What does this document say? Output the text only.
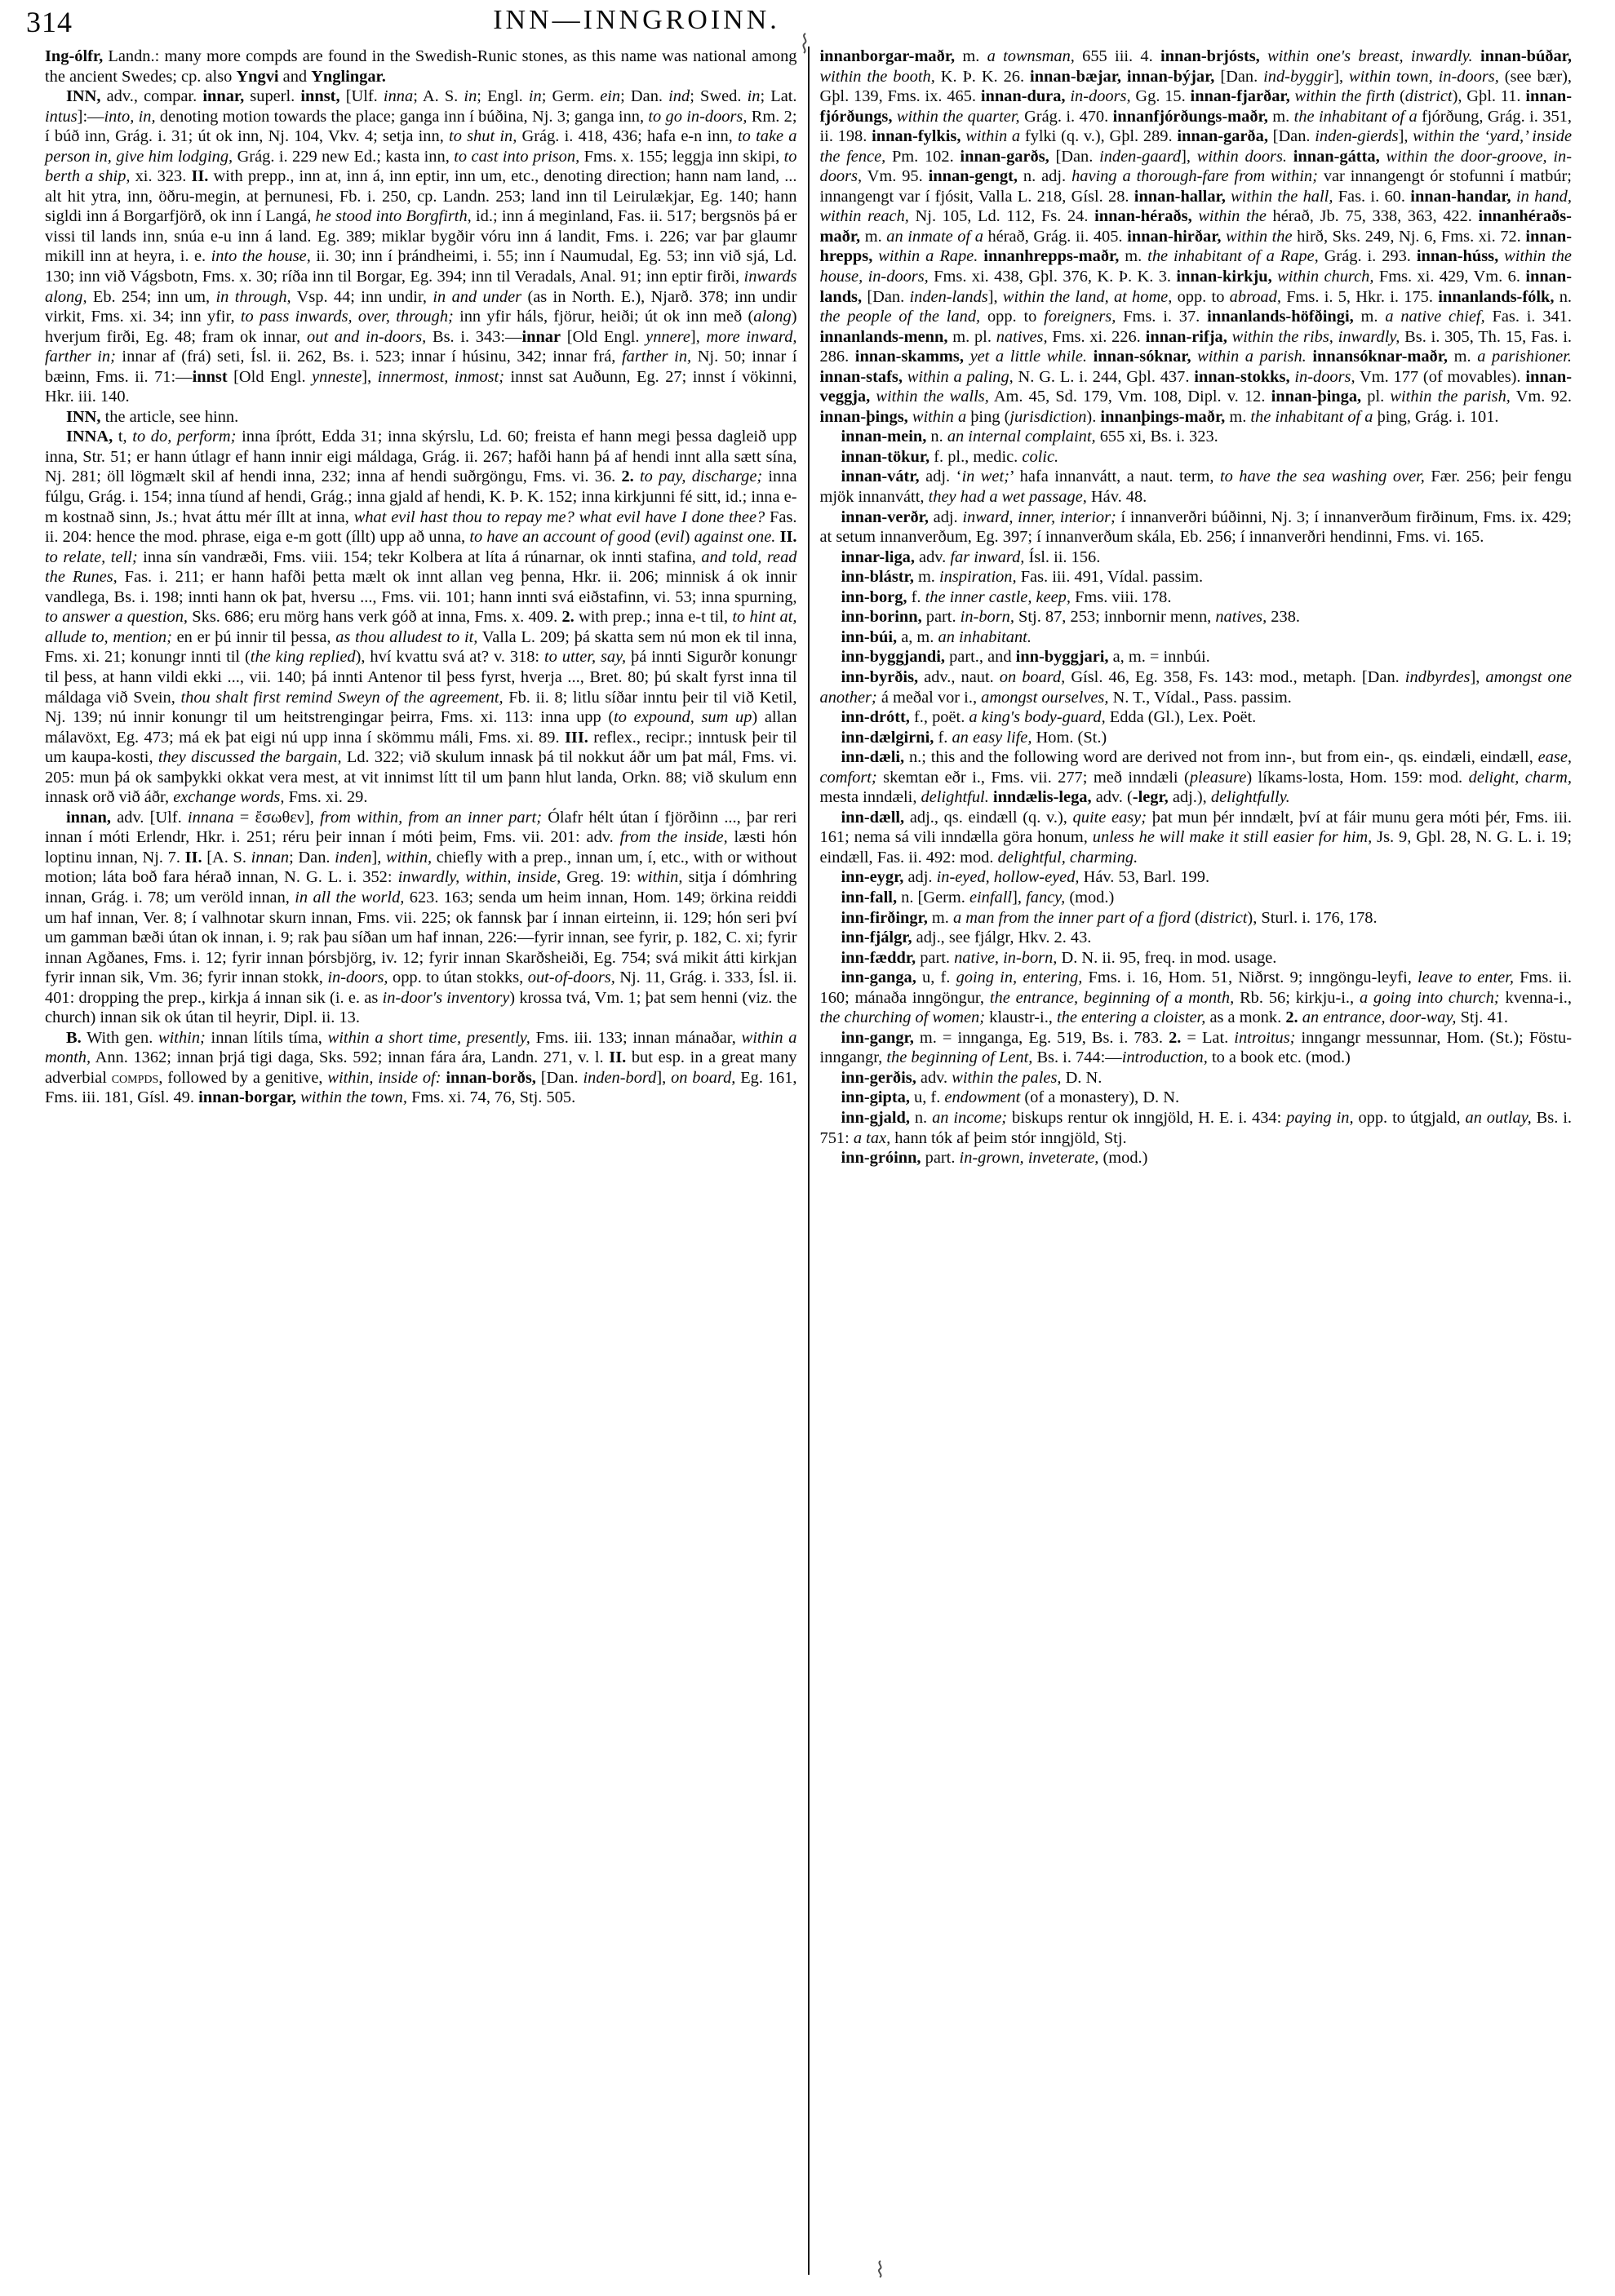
314	INN—INNGROINN.

Ing-ólfr, Landn.: many more compds are found in the Swedish-Runic stones, as this name was national among the ancient Swedes; cp. also Yngvi and Ynglingar.

INN, adv., compar. innar, superl. innst, [Ulf. inna; A. S. in; Engl. in; Germ. ein; Dan. ind; Swed. in; Lat. intus]:—into, in, denoting motion towards the place; ganga inn í búðina, Nj. 3; ganga inn, to go in-doors, Rm. 2; í búð inn, Grág. i. 31; út ok inn, Nj. 104, Vkv. 4; setja inn, to shut in, Grág. i. 418, 436; hafa e-n inn, to take a person in, give him lodging, Grág. i. 229 new Ed.; kasta inn, to cast into prison, Fms. x. 155; leggja inn skipi, to berth a ship, xi. 323. II. with prepp., inn at, inn á, inn eptir, inn um, etc., denoting direction; hann nam land, ... alt hit ytra, inn, öðru-megin, at þernunesi, Fb. i. 250, cp. Landn. 253; land inn til Leirulækjar, Eg. 140; hann sigldi inn á Borgarfjörð, ok inn í Langá, he stood into Borgfirth, id.; inn á meginland, Fas. ii. 517; bergsnös þá er vissi til lands inn, snúa e-u inn á land. Eg. 389; miklar bygðir vóru inn á landit, Fms. i. 226; var þar glaumr mikill inn at heyra, i. e. into the house, ii. 30; inn í þrándheimi, i. 55; inn í Naumudal, Eg. 53; inn við sjá, Ld. 130; inn við Vágsbotn, Fms. x. 30; ríða inn til Borgar, Eg. 394; inn til Veradals, Anal. 91; inn eptir firði, inwards along, Eb. 254; inn um, in through, Vsp. 44; inn undir, in and under (as in North. E.), Njarð. 378; inn undir virkit, Fms. xi. 34; inn yfir, to pass inwards, over, through; inn yfir háls, fjörur, heiði; út ok inn með (along) hverjum firði, Eg. 48; fram ok innar, out and in-doors, Bs. i. 343:—innar [Old Engl. ynnere], more inward, farther in; innar af (frá) seti, Ísl. ii. 262, Bs. i. 523; innar í húsinu, 342; innar frá, farther in, Nj. 50; innar í bæinn, Fms. ii. 71:—innst [Old Engl. ynneste], innermost, inmost; innst sat Auðunn, Eg. 27; innst í vökinni, Hkr. iii. 140.

INN, the article, see hinn.

INNA, t, to do, perform; inna íþrótt, Edda 31; inna skýrslu, Ld. 60; freista ef hann megi þessa dagleið upp inna, Str. 51; er hann útlagr ef hann innir eigi máldaga, Grág. ii. 267; hafði hann þá af hendi innt alla sætt sína, Nj. 281; öll lögmælt skil af hendi inna, 232; inna af hendi suðrgöngu, Fms. vi. 36. 2. to pay, discharge; inna fúlgu, Grág. i. 154; inna tíund af hendi, Grág.; inna gjald af hendi, K. Þ. K. 152; inna kirkjunni fé sitt, id.; inna e-m kostnað sinn, Js.; hvat áttu mér íllt at inna, what evil hast thou to repay me? what evil have I done thee? Fas. ii. 204: hence the mod. phrase, eiga e-m gott (íllt) upp að unna, to have an account of good (evil) against one. II. to relate, tell; inna sín vandræði, Fms. viii. 154; tekr Kolbera at líta á rúnarnar, ok innti stafina, and told, read the Runes, Fas. i. 211; er hann hafði þetta mælt ok innt allan veg þenna, Hkr. ii. 206; minnisk á ok innir vandlega, Bs. i. 198; innti hann ok þat, hversu ..., Fms. vii. 101; hann innti svá eiðstafinn, vi. 53; inna spurning, to answer a question, Sks. 686; eru mörg hans verk góð at inna, Fms. x. 409. 2. with prep.; inna e-t til, to hint at, allude to, mention; en er þú innir til þessa, as thou alludest to it, Valla L. 209; þá skatta sem nú mon ek til inna, Fms. xi. 21; konungr innti til (the king replied), hví kvattu svá at? v. 318: to utter, say, þá innti Sigurðr konungr til þess, at hann vildi ekki ..., vii. 140; þá innti Antenor til þess fyrst, hverja ..., Bret. 80; þú skalt fyrst inna til máldaga við Svein, thou shalt first remind Sweyn of the agreement, Fb. ii. 8; litlu síðar inntu þeir til við Ketil, Nj. 139; nú innir konungr til um heitstrengingar þeirra, Fms. xi. 113: inna upp (to expound, sum up) allan málavöxt, Eg. 473; má ek þat eigi nú upp inna í skömmu máli, Fms. xi. 89. III. reflex., recipr.; inntusk þeir til um kaupa-kosti, they discussed the bargain, Ld. 322; við skulum innask þá til nokkut áðr um þat mál, Fms. vi. 205: mun þá ok samþykki okkat vera mest, at vit innimst lítt til um þann hlut landa, Orkn. 88; við skulum enn innask orð við áðr, exchange words, Fms. xi. 29.

innan, adv. [Ulf. innana = ἔσωθεν], from within, from an inner part; Ólafr hélt útan í fjörðinn ..., þar reri innan í móti Erlendr, Hkr. i. 251; réru þeir innan í móti þeim, Fms. vii. 201: adv. from the inside, læsti hón loptinu innan, Nj. 7. II. [A. S. innan; Dan. inden], within, chiefly with a prep., innan um, í, etc., with or without motion; láta boð fara hérað innan, N. G. L. i. 352: inwardly, within, inside, Greg. 19: within, sitja í dómhring innan, Grág. i. 78; um veröld innan, in all the world, 623. 163; senda um heim innan, Hom. 149; örkina reiddi um haf innan, Ver. 8; í valhnotar skurn innan, Fms. vii. 225; ok fannsk þar í innan eirteinn, ii. 129; hón seri því um gamman bæði útan ok innan, i. 9; rak þau síðan um haf innan, 226:—fyrir innan, see fyrir, p. 182, C. xi; fyrir innan Agðanes, Fms. i. 12; fyrir innan þórsbjörg, iv. 12; fyrir innan Skarðsheiði, Eg. 754; svá mikit átti kirkjan fyrir innan sik, Vm. 36; fyrir innan stokk, in-doors, opp. to útan stokks, out-of-doors, Nj. 11, Grág. i. 333, Ísl. ii. 401: dropping the prep., kirkja á innan sik (i. e. as in-door's inventory) krossa tvá, Vm. 1; þat sem henni (viz. the church) innan sik ok útan til heyrir, Dipl. ii. 13.

B. With gen. within; innan lítils tíma, within a short time, presently, Fms. iii. 133; innan mánaðar, within a month, Ann. 1362; innan þrjá tigi daga, Sks. 592; innan fára ára, Landn. 271, v. l. II. but esp. in a great many adverbial compds, followed by a genitive, within, inside of: innan-borðs, [Dan. inden-bord], on board, Eg. 161, Fms. iii. 181, Gísl. 49. innan-borgar, within the town, Fms. xi. 74, 76, Stj. 505.

innanborgar-maðr, m. a townsman, 655 iii. 4. innan-brjósts, within one's breast, inwardly. innan-búðar, within the booth, K. Þ. K. 26. innan-bæjar, innan-býjar, [Dan. ind-byggir], within town, in-doors, (see bær), Gþl. 139, Fms. ix. 465. innan-dura, in-doors, Gg. 15. innan-fjarðar, within the firth (district), Gþl. 11. innan-fjórðungs, within the quarter, Grág. i. 470. innanfjórðungs-maðr, m. the inhabitant of a fjórðung, Grág. i. 351, ii. 198. innan-fylkis, within a fylki (q. v.), Gþl. 289. innan-garða, [Dan. inden-gierds], within the ‘yard,’ inside the fence, Pm. 102. innan-garðs, [Dan. inden-gaard], within doors. innan-gátta, within the door-groove, in-doors, Vm. 95. innan-gengt, n. adj. having a thorough-fare from within; var innangengt ór stofunni í matbúr; innangengt var í fjósit, Valla L. 218, Gísl. 28. innan-hallar, within the hall, Fas. i. 60. innan-handar, in hand, within reach, Nj. 105, Ld. 112, Fs. 24. innan-héraðs, within the hérað, Jb. 75, 338, 363, 422. innanhéraðs-maðr, m. an inmate of a hérað, Grág. ii. 405. innan-hirðar, within the hirð, Sks. 249, Nj. 6, Fms. xi. 72. innan-hrepps, within a Rape. innanhrepps-maðr, m. the inhabitant of a Rape, Grág. i. 293. innan-húss, within the house, in-doors, Fms. xi. 438, Gþl. 376, K. Þ. K. 3. innan-kirkju, within church, Fms. xi. 429, Vm. 6. innan-lands, [Dan. inden-lands], within the land, at home, opp. to abroad, Fms. i. 5, Hkr. i. 175. innanlands-fólk, n. the people of the land, opp. to foreigners, Fms. i. 37. innanlands-höfðingi, m. a native chief, Fas. i. 341. innanlands-menn, m. pl. natives, Fms. xi. 226. innan-rifja, within the ribs, inwardly, Bs. i. 305, Th. 15, Fas. i. 286. innan-skamms, yet a little while. innan-sóknar, within a parish. innansóknar-maðr, m. a parishioner. innan-stafs, within a paling, N. G. L. i. 244, Gþl. 437. innan-stokks, in-doors, Vm. 177 (of movables). innan-veggja, within the walls, Am. 45, Sd. 179, Vm. 108, Dipl. v. 12. innan-þinga, pl. within the parish, Vm. 92. innan-þings, within a þing (jurisdiction). innanþings-maðr, m. the inhabitant of a þing, Grág. i. 101.

innan-mein, n. an internal complaint, 655 xi, Bs. i. 323.

innan-tökur, f. pl., medic. colic.

innan-vátr, adj. ‘in wet;’ hafa innanvátt, a naut. term, to have the sea washing over, Fær. 256; þeir fengu mjök innanvátt, they had a wet passage, Háv. 48.

innan-verðr, adj. inward, inner, interior; í innanverðri búðinni, Nj. 3; í innanverðum firðinum, Fms. ix. 429; at setum innanverðum, Eg. 397; í innanverðum skála, Eb. 256; í innanverðri hendinni, Fms. vi. 165.

innar-liga, adv. far inward, Ísl. ii. 156.

inn-blástr, m. inspiration, Fas. iii. 491, Vídal. passim.

inn-borg, f. the inner castle, keep, Fms. viii. 178.

inn-borinn, part. in-born, Stj. 87, 253; innbornir menn, natives, 238.

inn-búi, a, m. an inhabitant.

inn-byggjandi, part., and inn-byggjari, a, m. = innbúi.

inn-byrðis, adv., naut. on board, Gísl. 46, Eg. 358, Fs. 143: mod., metaph. [Dan. indbyrdes], amongst one another; á meðal vor i., amongst ourselves, N. T., Vídal., Pass. passim.

inn-drótt, f., poët. a king's body-guard, Edda (Gl.), Lex. Poët.

inn-dælgirni, f. an easy life, Hom. (St.)

inn-dæli, n.; this and the following word are derived not from inn-, but from ein-, qs. eindæli, eindæll, ease, comfort; skemtan eðr i., Fms. vii. 277; með inndæli (pleasure) líkams-losta, Hom. 159: mod. delight, charm, mesta inndæli, delightful. inndælis-lega, adv. (-legr, adj.), delightfully.

inn-dæll, adj., qs. eindæll (q. v.), quite easy; þat mun þér inndælt, því at fáir munu gera móti þér, Fms. iii. 161; nema sá vili inndælla göra honum, unless he will make it still easier for him, Js. 9, Gþl. 28, N. G. L. i. 19; eindæll, Fas. ii. 492: mod. delightful, charming.

inn-eygr, adj. in-eyed, hollow-eyed, Háv. 53, Barl. 199.

inn-fall, n. [Germ. einfall], fancy, (mod.)

inn-firðingr, m. a man from the inner part of a fjord (district), Sturl. i. 176, 178.

inn-fjálgr, adj., see fjálgr, Hkv. 2. 43.

inn-fæddr, part. native, in-born, D. N. ii. 95, freq. in mod. usage.

inn-ganga, u, f. going in, entering, Fms. i. 16, Hom. 51, Niðrst. 9; inngöngu-leyfi, leave to enter, Fms. ii. 160; mánaða inngöngur, the entrance, beginning of a month, Rb. 56; kirkju-i., a going into church; kvenna-i., the churching of women; klaustr-i., the entering a cloister, as a monk. 2. an entrance, door-way, Stj. 41.

inn-gangr, m. = innganga, Eg. 519, Bs. i. 783. 2. = Lat. introitus; inngangr messunnar, Hom. (St.); Föstu-inngangr, the beginning of Lent, Bs. i. 744:—introduction, to a book etc. (mod.)

inn-gerðis, adv. within the pales, D. N.

inn-gipta, u, f. endowment (of a monastery), D. N.

inn-gjald, n. an income; biskups rentur ok inngjöld, H. E. i. 434: paying in, opp. to útgjald, an outlay, Bs. i. 751: a tax, hann tók af þeim stór inngjöld, Stj.

inn-gróinn, part. in-grown, inveterate, (mod.)
